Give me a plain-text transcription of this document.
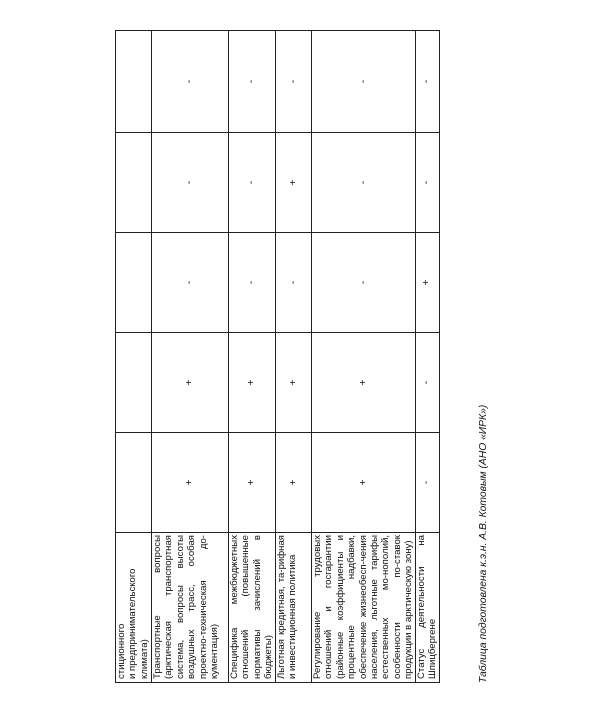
стиционного
и предпринимательского
климата)					
Транспортные вопросы (арктическая транспортная система, вопросы высоты воздушных трасс, особая проектно-техническая до-кументация)	+	+	-	-	-
Специфика межбюджетных отношений (повышенные нормативы зачислений в бюджеты)	+	+	-	-	-
Льготная кредитная, та-рифная и инвестиционная политика	+	+	-	+	-
Регулирование трудовых отношений и госгарантии (районные коэффициенты и процентные надбавки, обеспечение жизнеобесп-чения населения, льготные тарифы естественных мо-нополий, особенности по-ставок продукции в арктическую зону)	+	+	-	-	-
Статус деятельности на Шпицбергене	-	-	+	-	-
Таблица подготовлена к.э.н. А.В. Котовым (АНО «ИРК»)
